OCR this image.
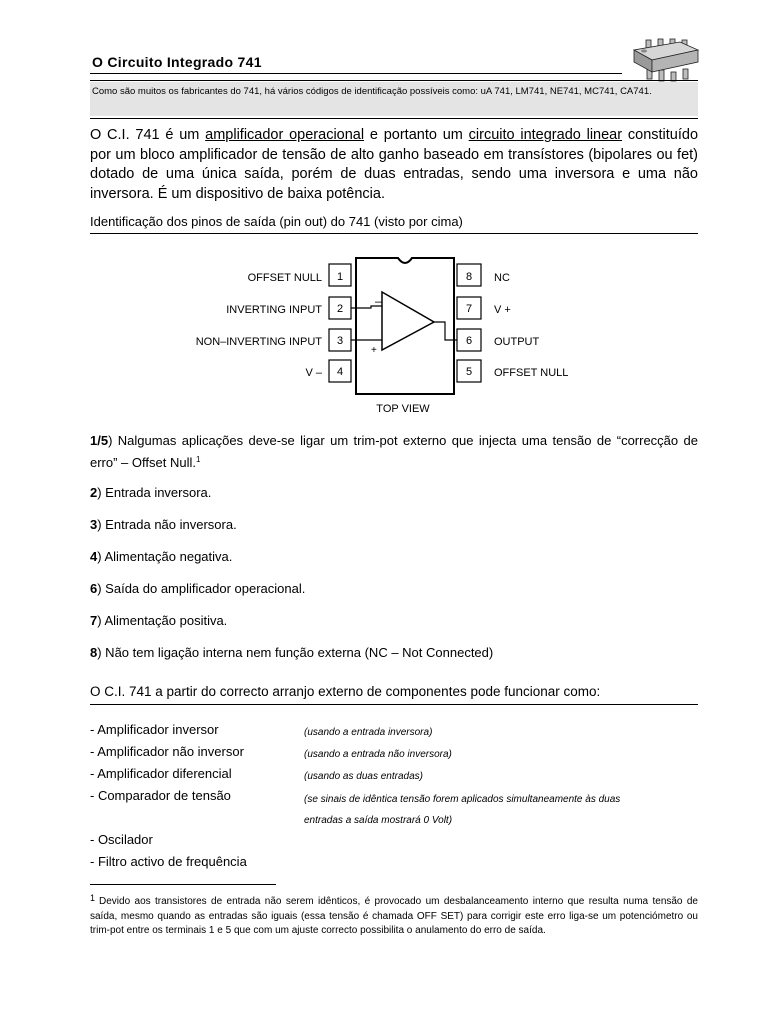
O Circuito Integrado 741
Como são muitos os fabricantes do 741, há vários códigos de identificação possíveis como: uA 741, LM741, NE741, MC741, CA741.
O C.I. 741 é um amplificador operacional e portanto um circuito integrado linear constituído por um bloco amplificador de tensão de alto ganho baseado em transístores (bipolares ou fet) dotado de uma única saída, porém de duas entradas, sendo uma inversora e uma não inversora. É um dispositivo de baixa potência.
Identificação dos pinos de saída (pin out) do 741 (visto por cima)
–
+
OFFSET NULL
INVERTING INPUT
NON–INVERTING INPUT
V –
1
2
3
4
8
7
6
5
NC
V +
OUTPUT
OFFSET NULL
TOP VIEW
1/5) Nalgumas aplicações deve-se ligar um trim-pot externo que injecta uma tensão de “correcção de erro” – Offset Null.$^1$
2) Entrada inversora.
3) Entrada não inversora.
4) Alimentação negativa.
6) Saída do amplificador operacional.
7) Alimentação positiva.
8) Não tem ligação interna nem função externa (NC – Not Connected)
O C.I. 741 a partir do correcto arranjo externo de componentes pode funcionar como:
- Amplificador inversor	(usando a entrada inversora)
- Amplificador não inversor	(usando a entrada não inversora)
- Amplificador diferencial	(usando as duas entradas)
- Comparador de tensão	(se sinais de idêntica tensão forem aplicados simultaneamente às duas
entradas a saída mostrará 0 Volt)
- Oscilador
- Filtro activo de frequência
$^1$ Devido aos transistores de entrada não serem idênticos, é provocado um desbalanceamento interno que resulta numa tensão de saída, mesmo quando as entradas são iguais (essa tensão é chamada OFF SET) para corrigir este erro liga-se um potenciómetro ou trim-pot entre os terminais 1 e 5 que com um ajuste correcto possibilita o anulamento do erro de saída.
